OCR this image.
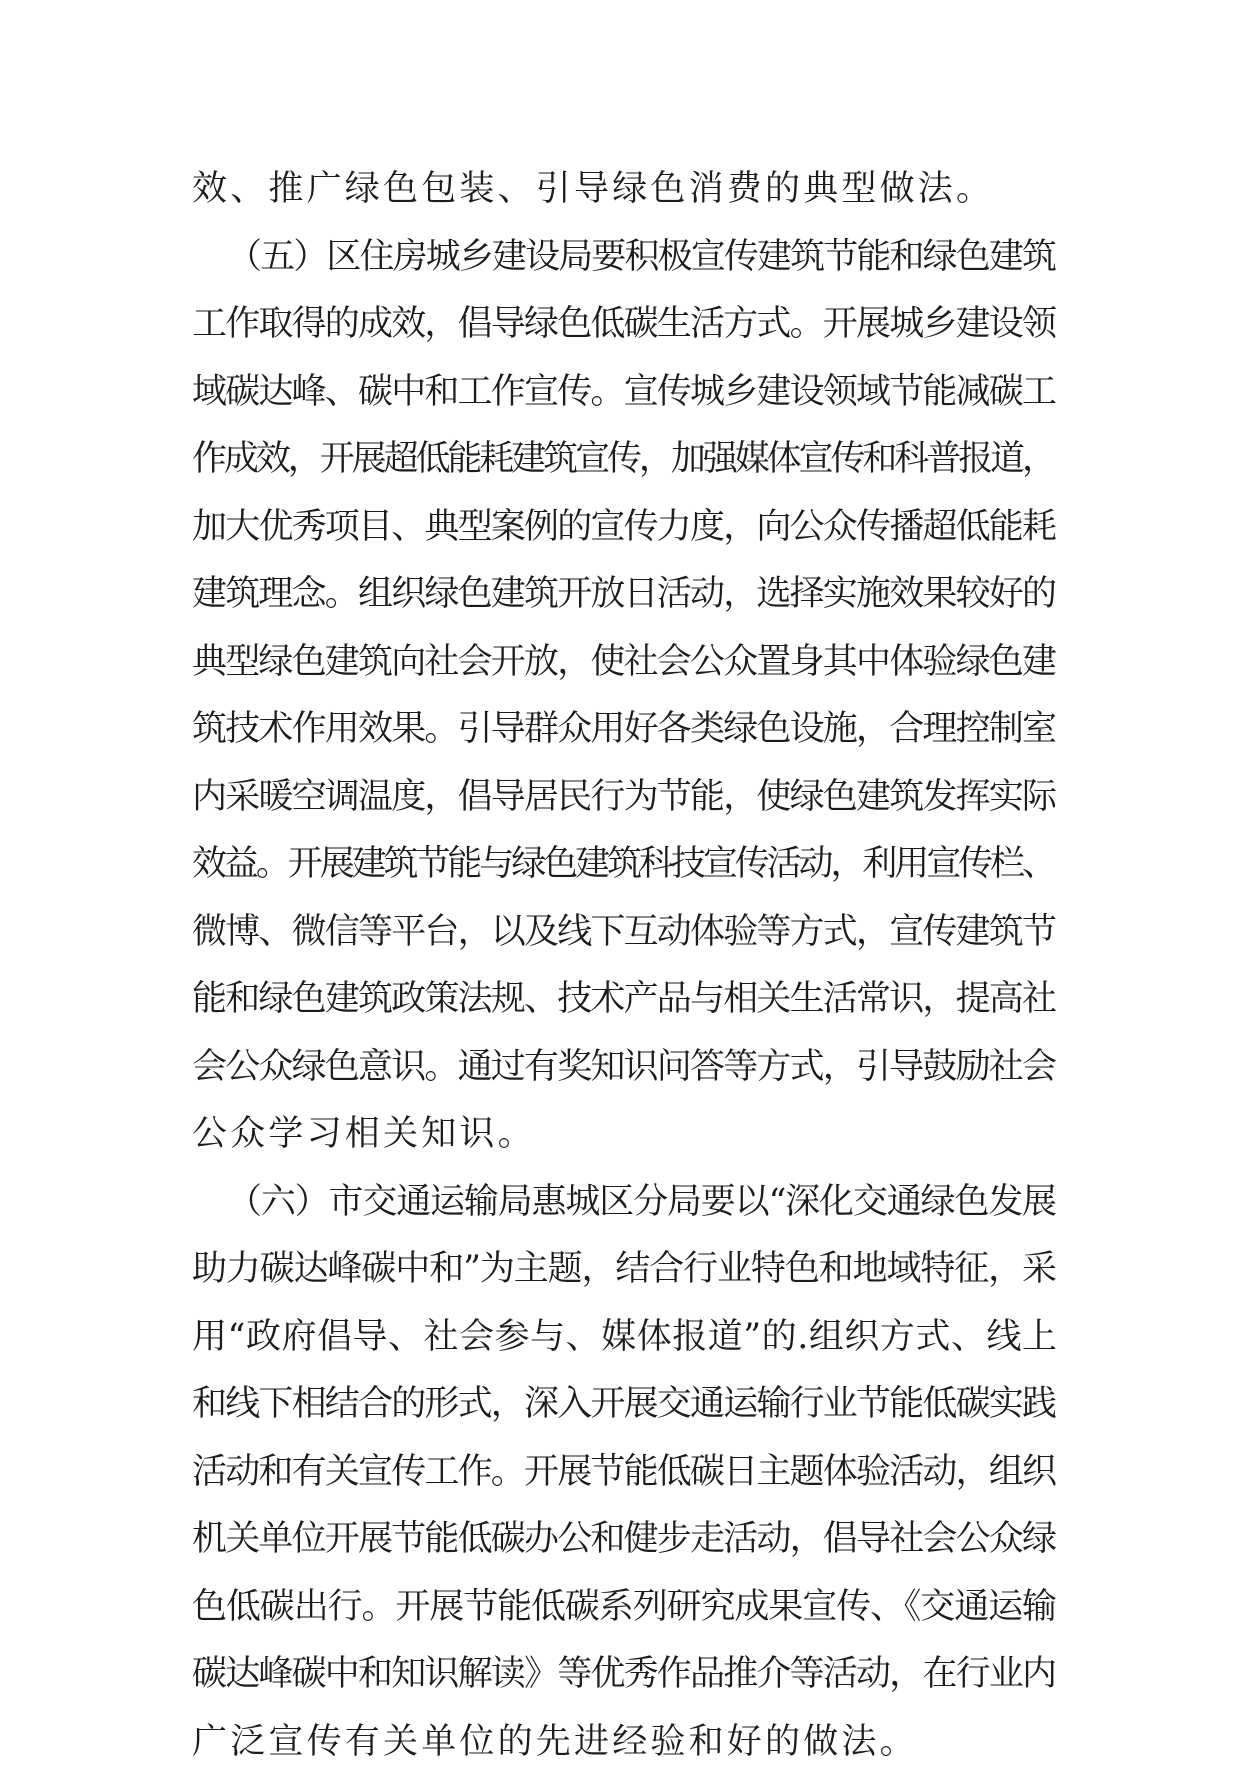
效、推广绿色包装、引导绿色消费的典型做法。
（五）区住房城乡建设局要积极宣传建筑节能和绿色建筑
工作取得的成效，倡导绿色低碳生活方式。开展城乡建设领
域碳达峰、碳中和工作宣传。宣传城乡建设领域节能减碳工
作成效，开展超低能耗建筑宣传，加强媒体宣传和科普报道，
加大优秀项目、典型案例的宣传力度，向公众传播超低能耗
建筑理念。组织绿色建筑开放日活动，选择实施效果较好的
典型绿色建筑向社会开放，使社会公众置身其中体验绿色建
筑技术作用效果。引导群众用好各类绿色设施，合理控制室
内采暖空调温度，倡导居民行为节能，使绿色建筑发挥实际
效益。开展建筑节能与绿色建筑科技宣传活动，利用宣传栏、
微博、微信等平台，以及线下互动体验等方式，宣传建筑节
能和绿色建筑政策法规、技术产品与相关生活常识，提高社
会公众绿色意识。通过有奖知识问答等方式，引导鼓励社会
公众学习相关知识。
（六）市交通运输局惠城区分局要以“深化交通绿色发展
助力碳达峰碳中和”为主题，结合行业特色和地域特征，采
用“政府倡导、社会参与、媒体报道”的.组织方式、线上
和线下相结合的形式，深入开展交通运输行业节能低碳实践
活动和有关宣传工作。开展节能低碳日主题体验活动，组织
机关单位开展节能低碳办公和健步走活动，倡导社会公众绿
色低碳出行。开展节能低碳系列研究成果宣传、《交通运输
碳达峰碳中和知识解读》等优秀作品推介等活动，在行业内
广泛宣传有关单位的先进经验和好的做法。
